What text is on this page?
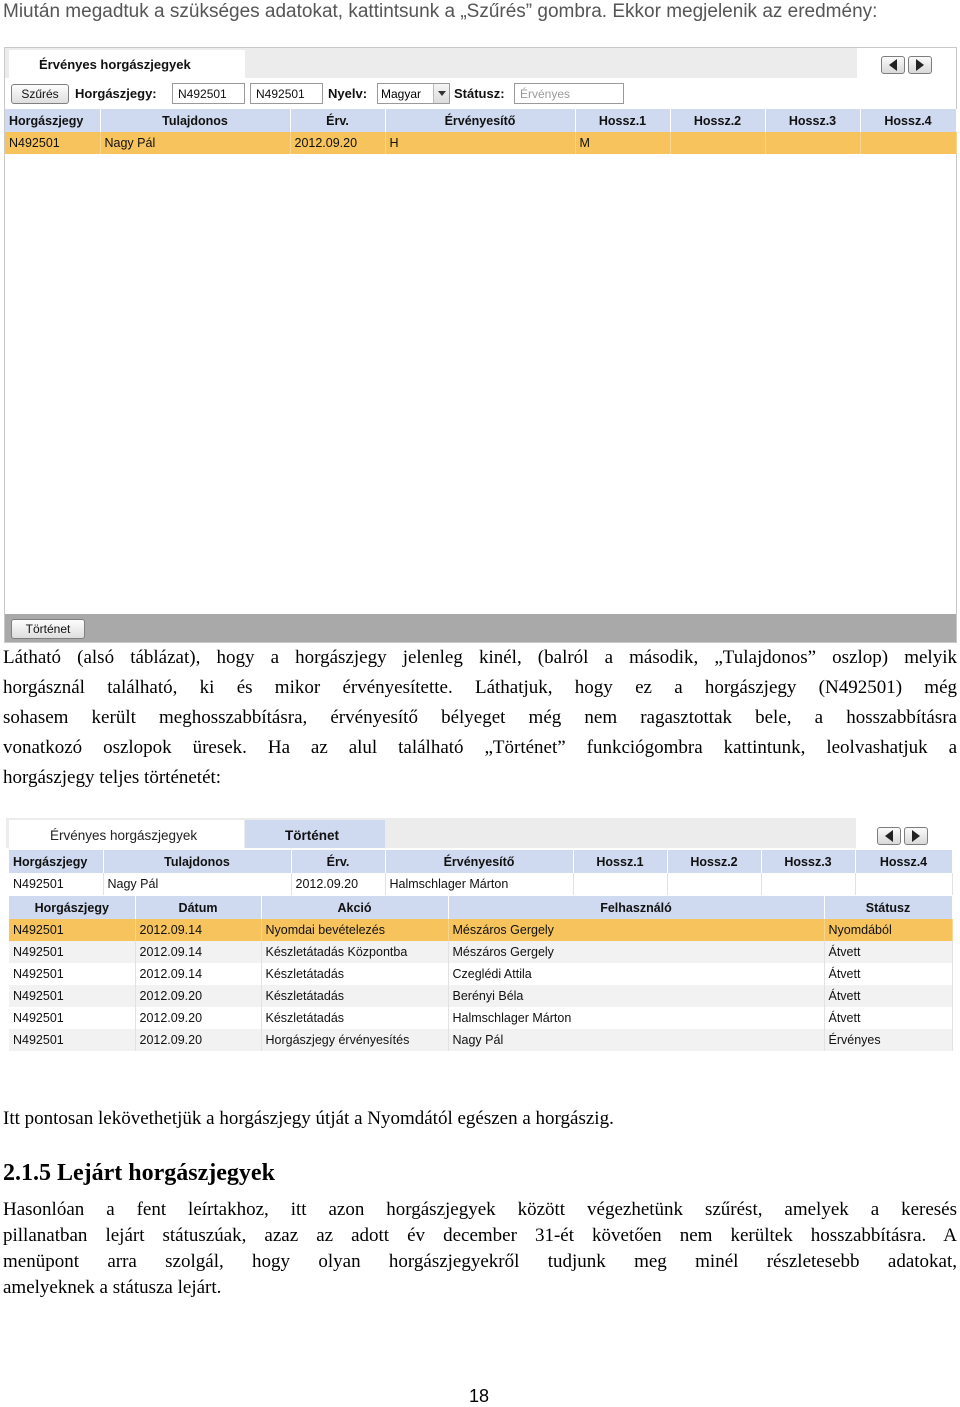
Miután megadtuk a szükséges adatokat, kattintsunk a „Szűrés” gombra. Ekkor megjelenik az eredmény:
Érvényes horgászjegyek
Szűrés	Horgászjegy:	N492501	N492501	Nyelv: Magyar	Státusz:	Érvényes
Horgászjegy	Tulajdonos	Érv.	Érvényesítő	Hossz.1	Hossz.2	Hossz.3	Hossz.4
N492501	Nagy Pál	2012.09.20	H	M			
Történet
Látható (alsó táblázat), hogy a horgászjegy jelenleg kinél, (balról a második, „Tulajdonos” oszlop) melyik
horgásznál található, ki és mikor érvényesítette. Láthatjuk, hogy ez a horgászjegy (N492501) még
sohasem került meghosszabbításra, érvényesítő bélyeget még nem ragasztottak bele, a hosszabbításra
vonatkozó oszlopok üresek. Ha az alul található „Történet” funkciógombra kattintunk, leolvashatjuk a
horgászjegy teljes történetét:
Érvényes horgászjegyek	Történet
Horgászjegy	Tulajdonos	Érv.	Érvényesítő	Hossz.1	Hossz.2	Hossz.3	Hossz.4
N492501	Nagy Pál	2012.09.20	Halmschlager Márton				
Horgászjegy	Dátum	Akció	Felhasználó	Státusz
N492501	2012.09.14	Nyomdai bevételezés	Mészáros Gergely	Nyomdából
N492501	2012.09.14	Készletátadás Központba	Mészáros Gergely	Átvett
N492501	2012.09.14	Készletátadás	Czeglédi Attila	Átvett
N492501	2012.09.20	Készletátadás	Berényi Béla	Átvett
N492501	2012.09.20	Készletátadás	Halmschlager Márton	Átvett
N492501	2012.09.20	Horgászjegy érvényesítés	Nagy Pál	Érvényes
Itt pontosan lekövethetjük a horgászjegy útját a Nyomdától egészen a horgászig.
2.1.5 Lejárt horgászjegyek
Hasonlóan a fent leírtakhoz, itt azon horgászjegyek között végezhetünk szűrést, amelyek a keresés
pillanatban lejárt státuszúak, azaz az adott év december 31-ét követően nem kerültek hosszabbításra. A
menüpont arra szolgál, hogy olyan horgászjegyekről tudjunk meg minél részletesebb adatokat,
amelyeknek a státusza lejárt.
18
